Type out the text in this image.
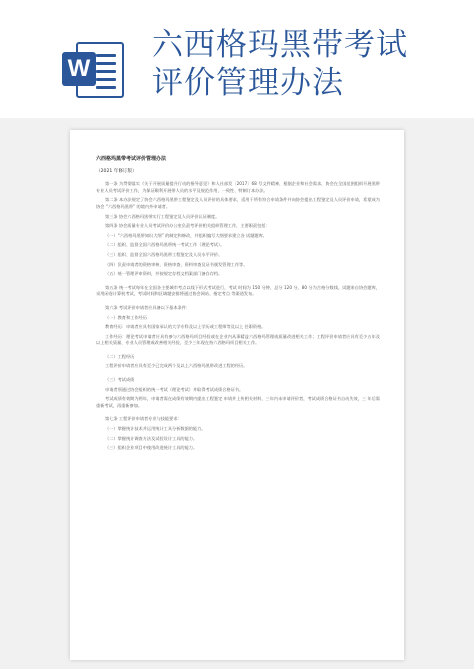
W
六西格玛黑带考试
评价管理办法

六西格玛黑带考试评价管理办法

（2021 年修订版）

第一条 为贯彻落实《关于开展质量提升行动的指导意见》和人社部发〔2017〕68 号文件精神，根据企业和社会需求，协会在全国范围组织开展黑带专业人员考试评价工作，为保证顺利开展带人员的水平及规范作用，一致性、特制订本办法。

第二条 本办法规定了协会六西格玛黑带工程鉴定及人员评价的具体要求，适用于所有符合申请条件并向协会提出工程鉴定及人员评价申请，希望成为协会 “六西格玛黑带” 的境内外申请者。

第三条 协会六西格玛黑带实行工程鉴定及人员评价认证制度。

第四条 协会质量专业人员考试评价办公室负责考评价相关组织管理工作，主要职责包括：

（一）“六西格玛黑带知识大纲” 的制定和修改，并组织编写大纲要求建立各 试题题库。

（二）组织、监督全国六西格玛黑带统一考试工作（理论考试）。

（三）组织、监督全国六西格玛黑带工程鉴定及人员水平评价。

（四）负责申请者的资格审核、资格审查、资料审查及证书颁发管理工作等。

（五）统一管理评审资料，并按规定存档文档案部门备存存档。

第五条 统一考试每年在全国各主要城市考点以线下形式考试进行，考试 时间为 150 分钟，总分 120 分，80 分为合格分数线。试题来自协会题库，采用闭卷计算机考试，考试时间和区域题安排将通过协会网站、指定考点 等渠道发布。

第六条 考试评价申请者应具备以下基本条件：

（一）教育和工作经历

教育经历：申请者应具有国家承认的大学专科及以上学历或工程师等及以上 任职资格。

工作经历：理论考试申请者应具有参与六西格玛项目经验或在企业内从事精益六西格玛管理或质量改进相关工作；工程评价申请者应具有至少五年及以上相关质量、专业人员管理或改善相关经验，至少三年现在持六西格玛项目相关工作。

（二）工程经历

工程评价申请者应具有至少已完成两个及以上六西格玛黑带改进工程的经历。

（三）考试成绩

申请者须通过协会组织的统一考试（理论考试）并取得考试成绩合格证书。

考试成绩有效期为两年，申请者需在成绩有效期内提出工程鉴定 申请并上传相关材料，三年内未申请评价者，考试成绩合格证书自动失效，三 年后需重新考试，再重新参加。

第七条 工程评价申请者专业与技能要求：

（一）掌握统计技术并运用统计工具分析数据的能力。

（二）掌握统计调查方法及试验设计工具的能力。

（三）组织企业项目中使用改进统计工具的能力。
